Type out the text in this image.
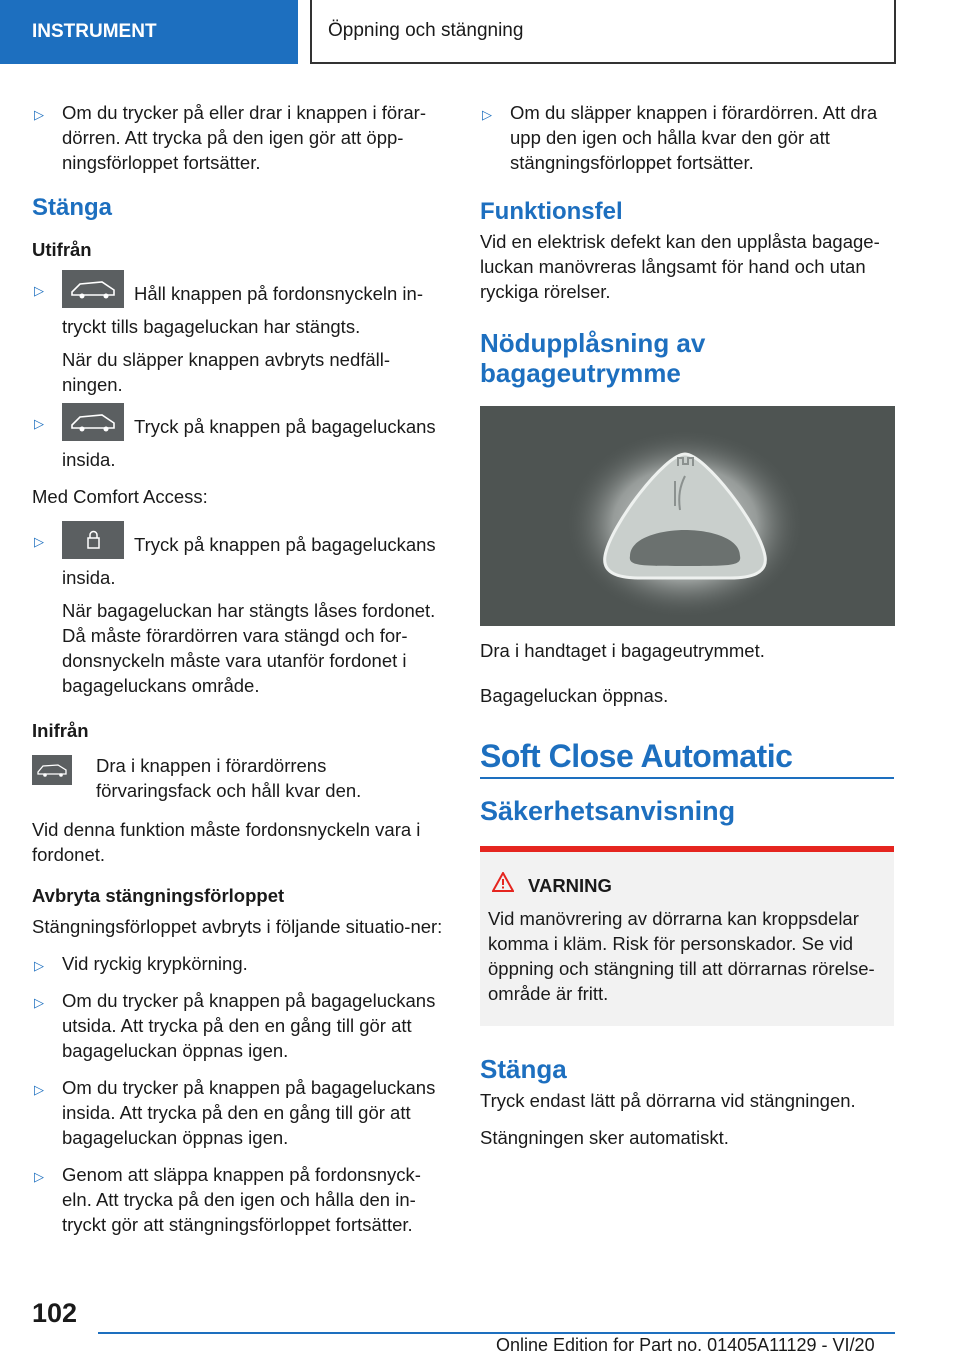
INSTRUMENT	Öppning och stängning
▷ Om du trycker på eller drar i knappen i förar-dörren. Att trycka på den igen gör att öpp-ningsförloppet fortsätter.

Stänga
Utifrån
▷	Håll knappen på fordonsnyckeln in-tryckt tills bagageluckan har stängts.

När du släpper knappen avbryts nedfäll-ningen.

▷	Tryck på knappen på bagageluckans insida.

Med Comfort Access:

▷	Tryck på knappen på bagageluckans insida.

När bagageluckan har stängts låses fordonet. Då måste förardörren vara stängd och for-donsnyckeln måste vara utanför fordonet i bagageluckans område.

Inifrån
Dra i knappen i förardörrens förvaringsfack och håll kvar den.

Vid denna funktion måste fordonsnyckeln vara i fordonet.

Avbryta stängningsförloppet

Stängningsförloppet avbryts i följande situatio-ner:

▷ Vid ryckig krypkörning.

▷ Om du trycker på knappen på bagageluckans utsida. Att trycka på den en gång till gör att bagageluckan öppnas igen.

▷ Om du trycker på knappen på bagageluckans insida. Att trycka på den en gång till gör att bagageluckan öppnas igen.

▷ Genom att släppa knappen på fordonsnyck-eln. Att trycka på den igen och hålla den in-tryckt gör att stängningsförloppet fortsätter.

▷ Om du släpper knappen i förardörren. Att dra upp den igen och hålla kvar den gör att stängningsförloppet fortsätter.

Funktionsfel

Vid en elektrisk defekt kan den upplåsta bagage-luckan manövreras långsamt för hand och utan ryckiga rörelser.

Nödupplåsning av bagageutrymme

Dra i handtaget i bagageutrymmet.

Bagageluckan öppnas.

Soft Close Automatic
Säkerhetsanvisning
VARNING
Vid manövrering av dörrarna kan kroppsdelar komma i kläm. Risk för personskador. Se vid öppning och stängning till att dörrarnas rörelse-område är fritt.
Stänga

Tryck endast lätt på dörrarna vid stängningen.

Stängningen sker automatiskt.

102
Online Edition for Part no. 01405A11129 - VI/20
